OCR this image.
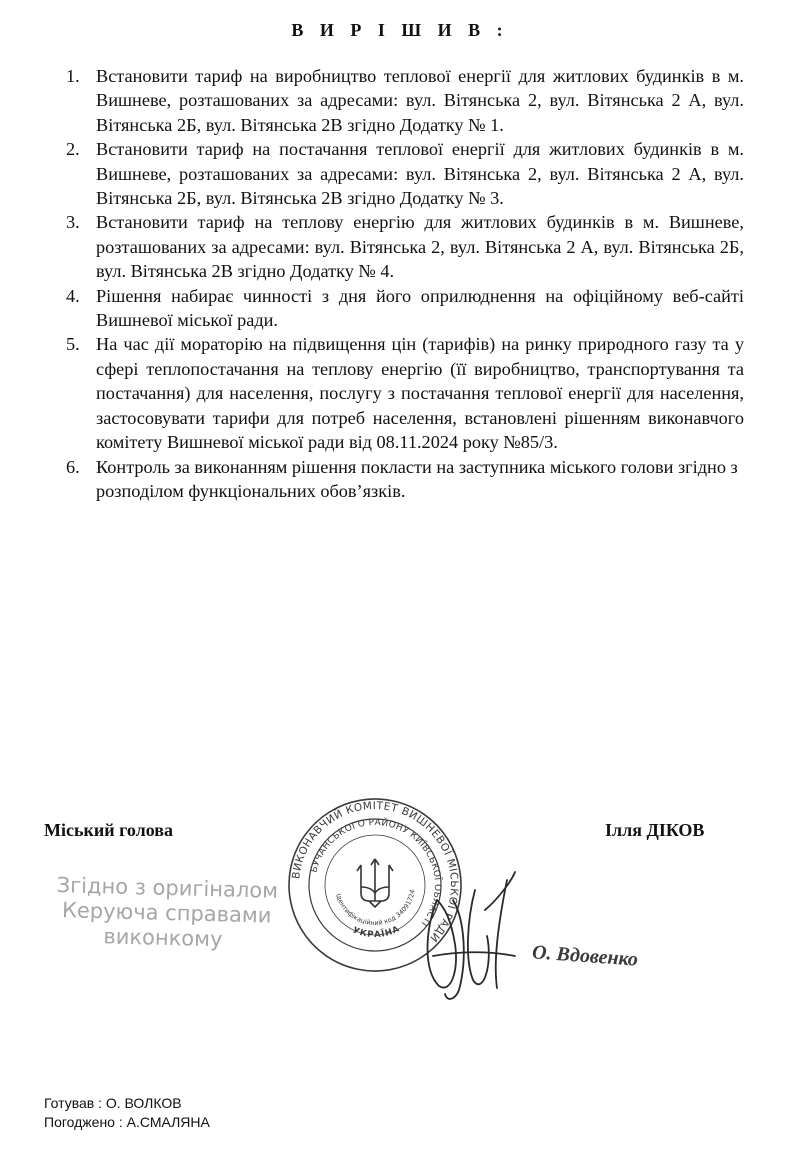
В И Р І Ш И В :
1. Встановити тариф на виробництво теплової енергії для житлових будинків в м. Вишневе, розташованих за адресами: вул. Вітянська 2, вул. Вітянська 2 А, вул. Вітянська 2Б, вул. Вітянська 2В згідно Додатку № 1.
2. Встановити тариф на постачання теплової енергії для житлових будинків в м. Вишневе, розташованих за адресами: вул. Вітянська 2, вул. Вітянська 2 А, вул. Вітянська 2Б, вул. Вітянська 2В згідно Додатку № 3.
3. Встановити тариф на теплову енергію для житлових будинків в м. Вишневе, розташованих за адресами: вул. Вітянська 2, вул. Вітянська 2 А, вул. Вітянська 2Б, вул. Вітянська 2В згідно Додатку № 4.
4. Рішення набирає чинності з дня його оприлюднення на офіційному веб-сайті Вишневої міської ради.
5. На час дії мораторію на підвищення цін (тарифів) на ринку природного газу та у сфері теплопостачання на теплову енергію (її виробництво, транспортування та постачання) для населення, послугу з постачання теплової енергії для населення, застосовувати тарифи для потреб населення, встановлені рішенням виконавчого комітету Вишневої міської ради від 08.11.2024 року №85/3.
6. Контроль за виконанням рішення покласти на заступника міського голови згідно з розподілом функціональних обов’язків.
Міський голова	Ілля ДІКОВ
Згідно з оригіналом
Керуюча справами
виконкому
ВИКОНАВЧИЙ КОМІТЕТ ВИШНЕВОЇ МІСЬКОЇ РАДИ
БУЧАНСЬКОГО РАЙОНУ КИЇВСЬКОЇ ОБЛАСТІ
Ідентифікаційний код 34091724
УКРАЇНА
О. Вдовенко
Готував : О. ВОЛКОВ
Погоджено : А.СМАЛЯНА
